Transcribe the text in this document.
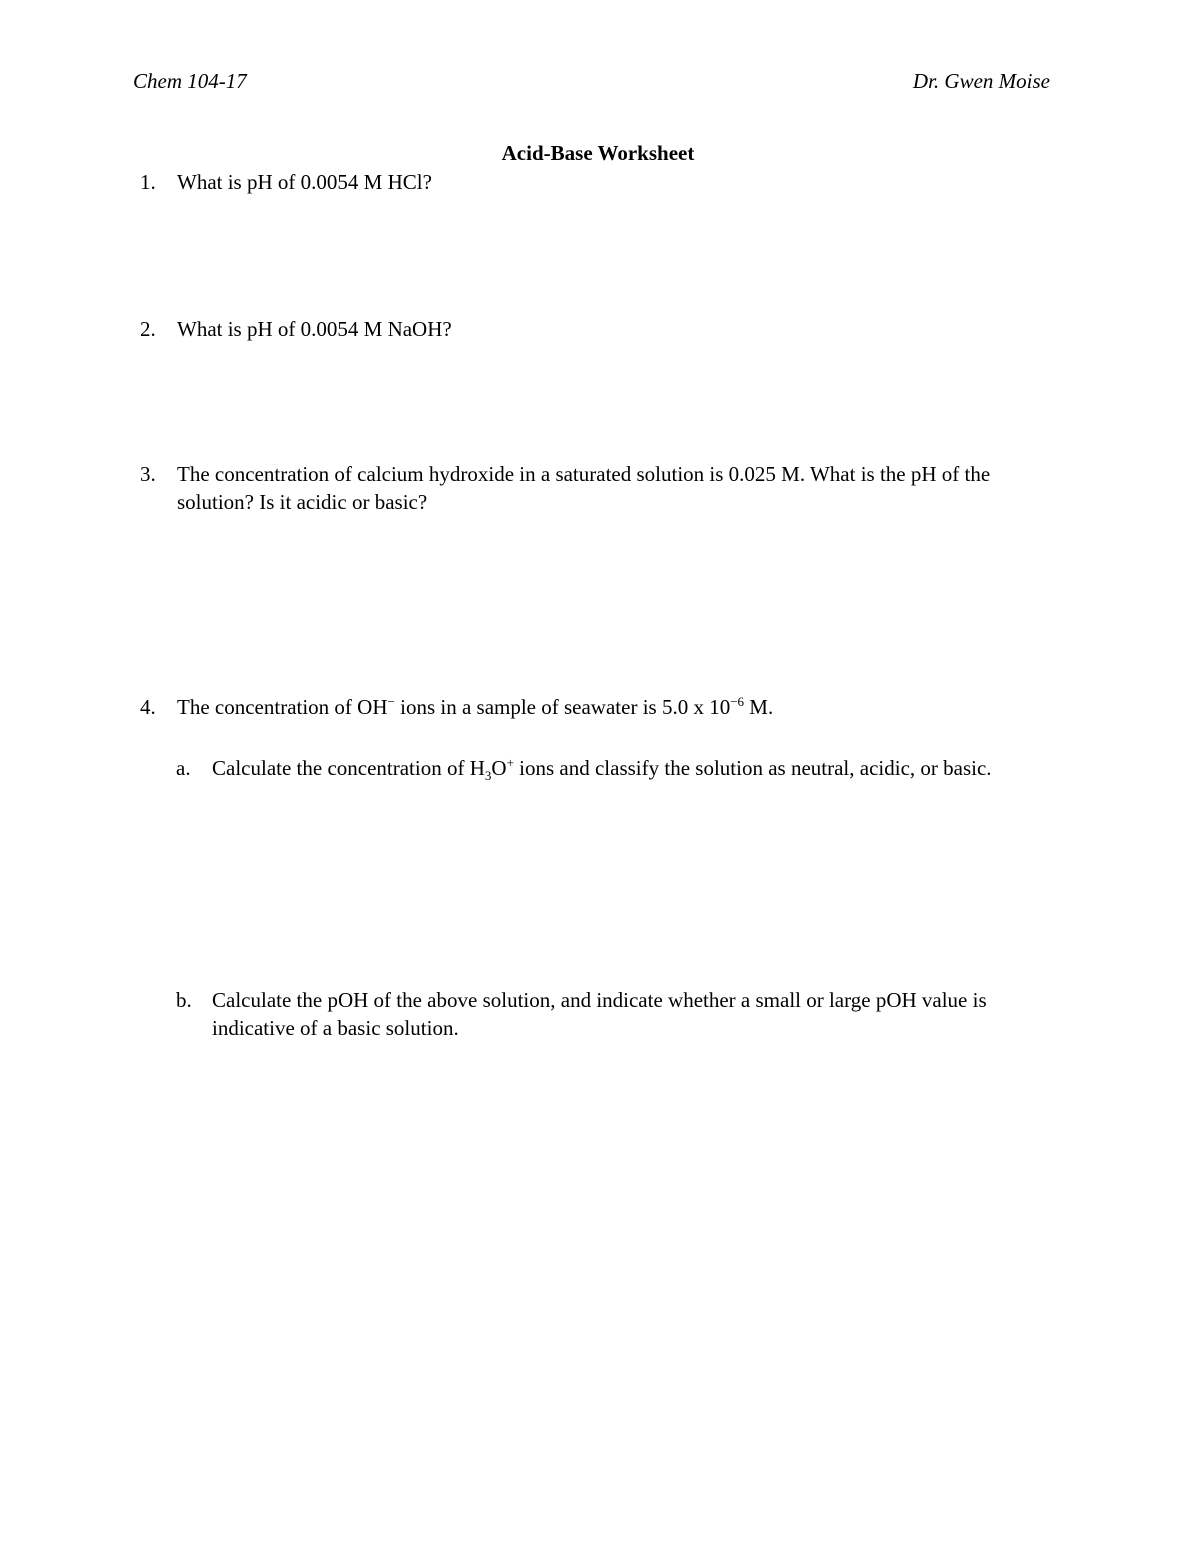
Chem 104-17	Dr. Gwen Moise
Acid-Base Worksheet
1.	What is pH of 0.0054 M HCl?
2.	What is pH of 0.0054 M NaOH?
3.	The concentration of calcium hydroxide in a saturated solution is 0.025 M. What is the pH of the solution? Is it acidic or basic?
4.	The concentration of OH− ions in a sample of seawater is 5.0 x $10^{-6}$ M.
a.	Calculate the concentration of $H_3O^+$ ions and classify the solution as neutral, acidic, or basic.
b. Calculate the pOH of the above solution, and indicate whether a small or large pOH value is indicative of a basic solution.
